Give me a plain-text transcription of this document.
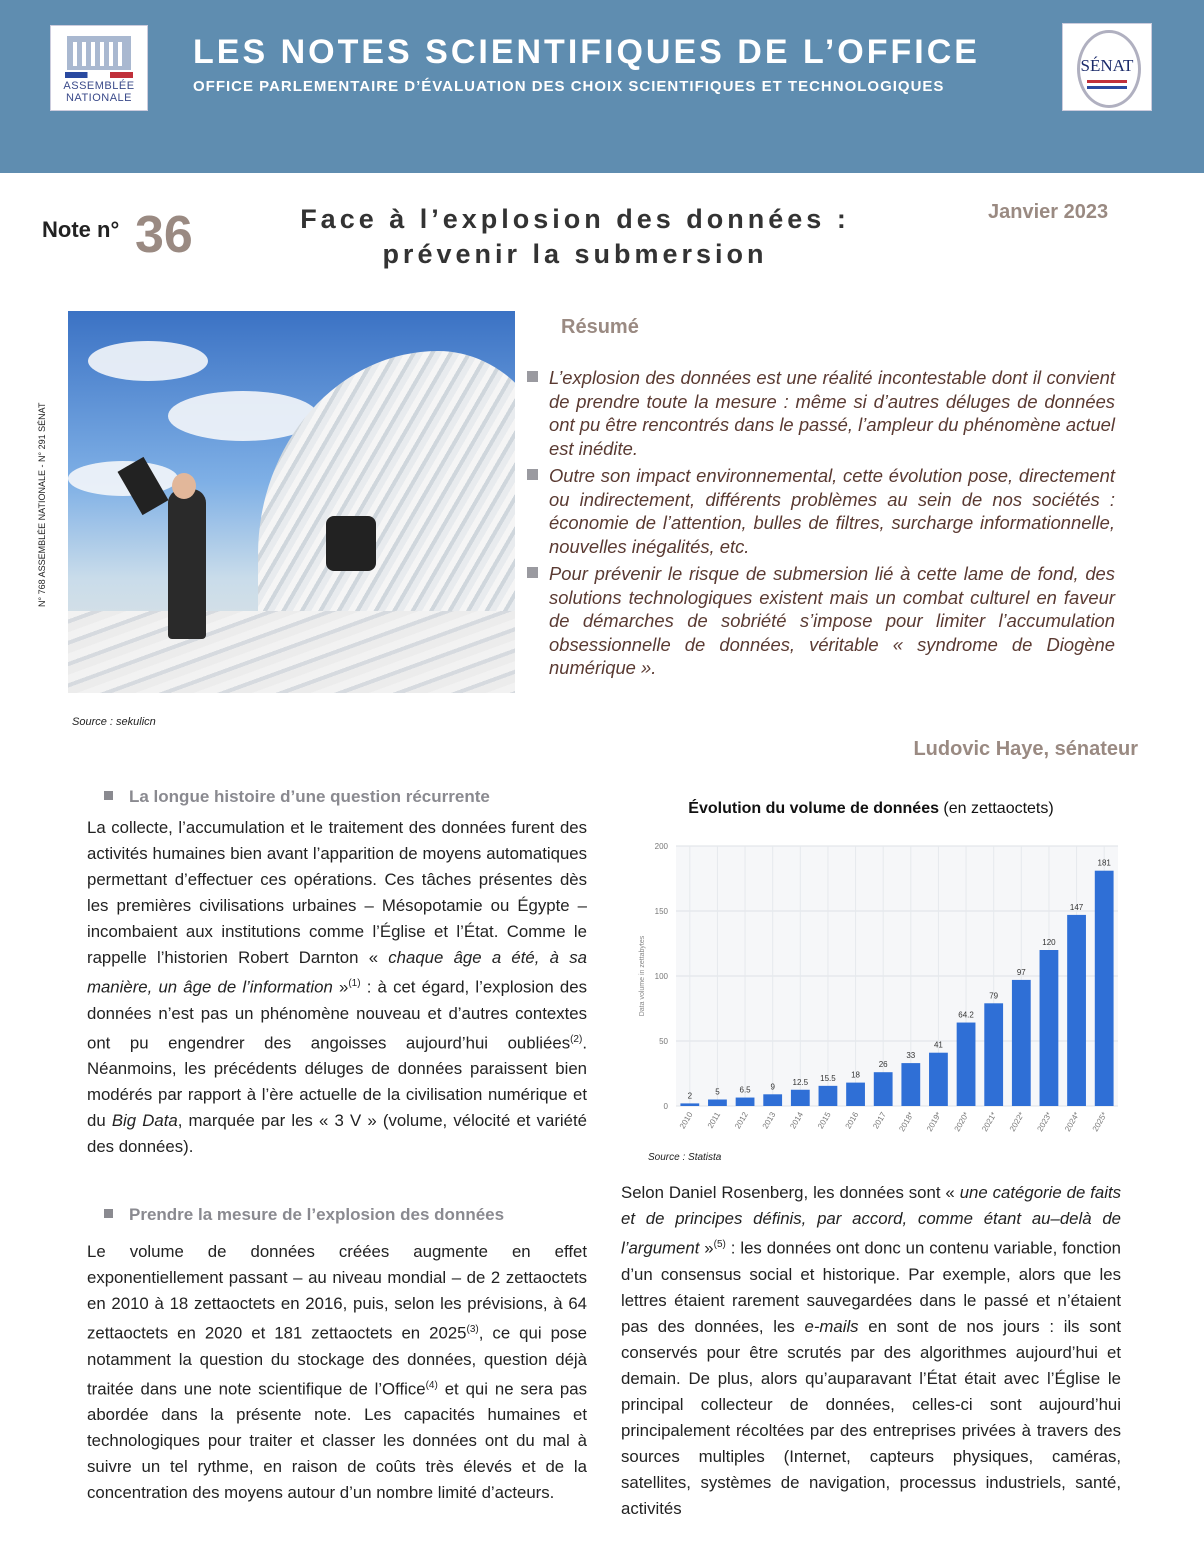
ASSEMBLÉE NATIONALE
LES NOTES SCIENTIFIQUES DE L’OFFICE
OFFICE PARLEMENTAIRE D’ÉVALUATION DES CHOIX SCIENTIFIQUES ET TECHNOLOGIQUES
SÉNAT
Note n° 36	Face à l’explosion des données :
prévenir la submersion
Janvier 2023
N° 768 ASSEMBLÉE NATIONALE - N° 291 SÉNAT
Source : sekulicn
Résumé
L’explosion des données est une réalité incontestable dont il convient de prendre toute la mesure : même si d’autres déluges de données ont pu être rencontrés dans le passé, l’ampleur du phénomène actuel est inédite.
Outre son impact environnemental, cette évolution pose, directement ou indirectement, différents problèmes au sein de nos sociétés : économie de l’attention, bulles de filtres, surcharge informationnelle, nouvelles inégalités, etc.
Pour prévenir le risque de submersion lié à cette lame de fond, des solutions technologiques existent mais un combat culturel en faveur de démarches de sobriété s’impose pour limiter l’accumulation obsessionnelle de données, véritable « syndrome de Diogène numérique ».
Ludovic Haye, sénateur
La longue histoire d’une question récurrente

La collecte, l’accumulation et le traitement des données furent des activités humaines bien avant l’apparition de moyens automatiques permettant d’effectuer ces opérations. Ces tâches présentes dès les premières civilisations urbaines – Mésopotamie ou Égypte – incombaient aux institutions comme l’Église et l’État. Comme le rappelle l’historien Robert Darnton « chaque âge a été, à sa manière, un âge de l’information »$^{(1)}$ : à cet égard, l’explosion des données n’est pas un phénomène nouveau et d’autres contextes ont pu engendrer des angoisses aujourd’hui oubliées$^{(2)}$. Néanmoins, les précédents déluges de données paraissent bien modérés par rapport à l’ère actuelle de la civilisation numérique et du Big Data, marquée par les « 3 V » (volume, vélocité et variété des données).

Prendre la mesure de l’explosion des données

Le volume de données créées augmente en effet exponentiellement passant – au niveau mondial – de 2 zettaoctets en 2010 à 18 zettaoctets en 2016, puis, selon les prévisions, à 64 zettaoctets en 2020 et 181 zettaoctets en 2025$^{(3)}$, ce qui pose notamment la question du stockage des données, question déjà traitée dans une note scientifique de l’Office$^{(4)}$ et qui ne sera pas abordée dans la présente note. Les capacités humaines et technologiques pour traiter et classer les données ont du mal à suivre un tel rythme, en raison de coûts très élevés et de la concentration des moyens autour d’un nombre limité d’acteurs.

Évolution du volume de données (en zettaoctets)
0
50
100
150
200
2
2010
5
2011
6.5
2012
9
2013
12.5
2014
15.5
2015
18
2016
26
2017
33
2018*
41
2019*
64.2
2020*
79
2021*
97
2022*
120
2023*
147
2024*
181
2025*
Data volume in zettabytes
Source : Statista

Selon Daniel Rosenberg, les données sont « une catégorie de faits et de principes définis, par accord, comme étant au–delà de l’argument »$^{(5)}$ : les données ont donc un contenu variable, fonction d’un consensus social et historique. Par exemple, alors que les lettres étaient rarement sauvegardées dans le passé et n’étaient pas des données, les e-mails en sont de nos jours : ils sont conservés pour être scrutés par des algorithmes aujourd’hui et demain. De plus, alors qu’auparavant l’État était avec l’Église le principal collecteur de données, celles-ci sont aujourd’hui principalement récoltées par des entreprises privées à travers des sources multiples (Internet, capteurs physiques, caméras, satellites, systèmes de navigation, processus industriels, santé, activités
